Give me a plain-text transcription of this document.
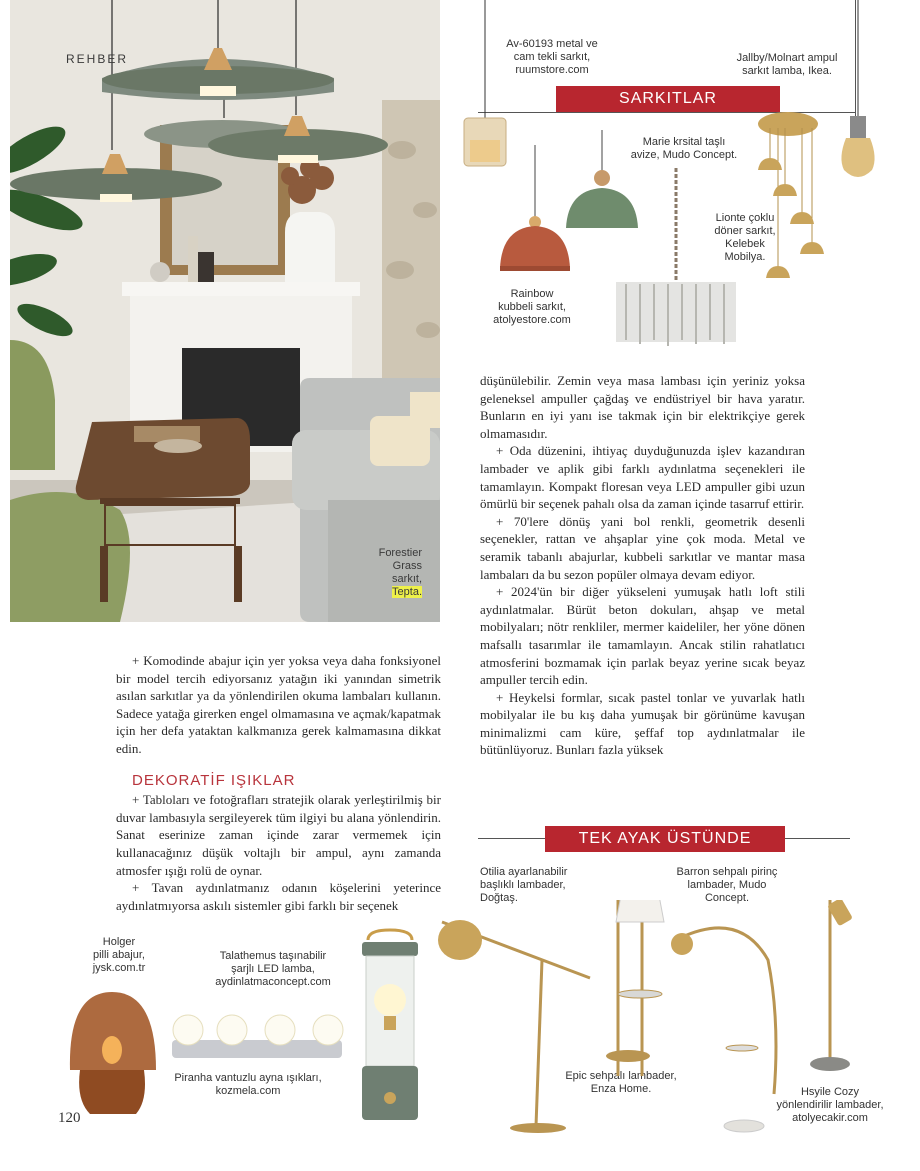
REHBER
Forestier
Grass
sarkıt,
Tepta.
SARKITLAR
Av-60193 metal ve
cam tekli sarkıt,
ruumstore.com
Jallby/Molnart ampul
sarkıt lamba, Ikea.
Marie krsital taşlı
avize, Mudo Concept.
Lionte çoklu
döner sarkıt,
Kelebek
Mobilya.
Rainbow
kubbeli sarkıt,
atolyestore.com

düşünülebilir. Zemin veya masa lambası için yeriniz yoksa geleneksel ampuller çağdaş ve endüstriyel bir hava yaratır. Bunların en iyi yanı ise takmak için bir elektrikçiye gerek olmamasıdır.

+ Oda düzenini, ihtiyaç duyduğunuzda işlev kazandıran lambader ve aplik gibi farklı aydınlatma seçenekleri ile tamamlayın. Kompakt floresan veya LED ampuller gibi uzun ömürlü bir seçenek pahalı olsa da zaman içinde tasarruf ettirir.

+ 70'lere dönüş yani bol renkli, geometrik desenli seçenekler, rattan ve ahşaplar yine çok moda. Metal ve seramik tabanlı abajurlar, kubbeli sarkıtlar ve mantar masa lambaları da bu sezon popüler olmaya devam ediyor.

+ 2024'ün bir diğer yükseleni yumuşak hatlı loft stili aydınlatmalar. Bürüt beton dokuları, ahşap ve metal mobilyaları; nötr renkliler, mermer kaideliler, her yöne dönen mafsallı tasarımlar ile tamamlayın. Ancak stilin rahatlatıcı atmosferini bozmamak için parlak beyaz yerine sıcak beyaz ampuller tercih edin.

+ Heykelsi formlar, sıcak pastel tonlar ve yuvarlak hatlı mobilyalar ile bu kış daha yumuşak bir görünüme kavuşan minimalizmi cam küre, şeffaf top aydınlatmalar ile bütünlüyoruz. Bunları fazla yüksek

+ Komodinde abajur için yer yoksa veya daha fonksiyonel bir model tercih ediyorsanız yatağın iki yanından simetrik asılan sarkıtlar ya da yönlendirilen okuma lambaları kullanın. Sadece yatağa girerken engel olmamasına ve açmak/kapatmak için her defa yataktan kalkmanıza gerek kalmamasına dikkat edin.

DEKORATİF IŞIKLAR

+ Tabloları ve fotoğrafları stratejik olarak yerleştirilmiş bir duvar lambasıyla sergileyerek tüm ilgiyi bu alana yönlendirin. Sanat eserinize zaman içinde zarar vermemek için kullanacağınız düşük voltajlı bir ampul, aynı zamanda atmosfer ışığı rolü de oynar.

+ Tavan aydınlatmanız odanın köşelerini yeterince aydınlatmıyorsa askılı sistemler gibi farklı bir seçenek

TEK AYAK ÜSTÜNDE
Holger
pilli abajur,
jysk.com.tr
Talathemus taşınabilir
şarjlı LED lamba,
aydinlatmaconcept.com
Piranha vantuzlu ayna ışıkları,
kozmela.com
Otilia ayarlanabilir
başlıklı lambader,
Doğtaş.
Barron sehpalı pirinç
lambader, Mudo
Concept.
Epic sehpalı lambader,
Enza Home.	Hsyile Cozy
yönlendirilir lambader,
atolyecakir.com
120
